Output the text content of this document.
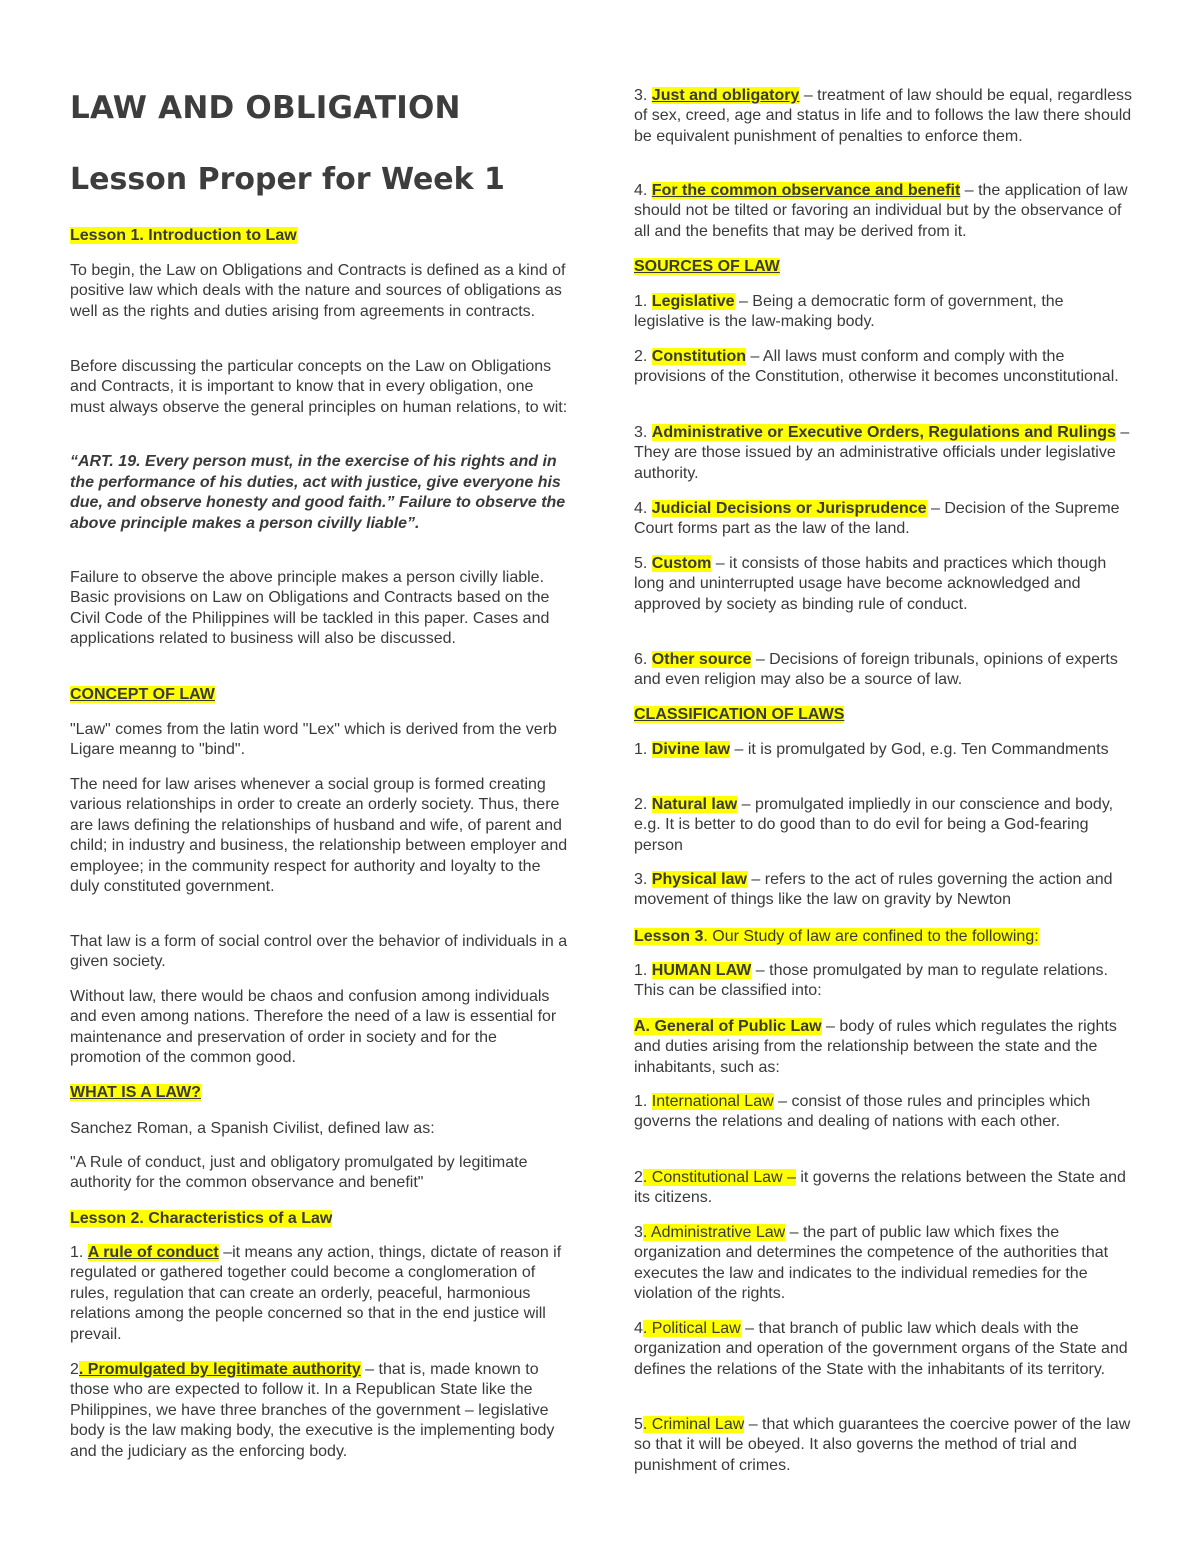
LAW AND OBLIGATION
Lesson Proper for Week 1

Lesson 1. Introduction to Law

To begin, the Law on Obligations and Contracts is defined as a kind of positive law which deals with the nature and sources of obligations as well as the rights and duties arising from agreements in contracts.

Before discussing the particular concepts on the Law on Obligations and Contracts, it is important to know that in every obligation, one must always observe the general principles on human relations, to wit:

“ART. 19. Every person must, in the exercise of his rights and in the performance of his duties, act with justice, give everyone his due, and observe honesty and good faith.” Failure to observe the above principle makes a person civilly liable”.

Failure to observe the above principle makes a person civilly liable. Basic provisions on Law on Obligations and Contracts based on the Civil Code of the Philippines will be tackled in this paper. Cases and applications related to business will also be discussed.

CONCEPT OF LAW

"Law" comes from the latin word "Lex" which is derived from the verb Ligare meanng to "bind".

The need for law arises whenever a social group is formed creating various relationships in order to create an orderly society. Thus, there are laws defining the relationships of husband and wife, of parent and child; in industry and business, the relationship between employer and employee; in the community respect for authority and loyalty to the duly constituted government.

That law is a form of social control over the behavior of individuals in a given society.

Without law, there would be chaos and confusion among individuals and even among nations. Therefore the need of a law is essential for maintenance and preservation of order in society and for the promotion of the common good.

WHAT IS A LAW?

Sanchez Roman, a Spanish Civilist, defined law as:

"A Rule of conduct, just and obligatory promulgated by legitimate authority for the common observance and benefit"

Lesson 2. Characteristics of a Law

1. A rule of conduct –it means any action, things, dictate of reason if regulated or gathered together could become a conglomeration of rules, regulation that can create an orderly, peaceful, harmonious relations among the people concerned so that in the end justice will prevail.

2. Promulgated by legitimate authority – that is, made known to those who are expected to follow it. In a Republican State like the Philippines, we have three branches of the government – legislative body is the law making body, the executive is the implementing body and the judiciary as the enforcing body.

3. Just and obligatory – treatment of law should be equal, regardless of sex, creed, age and status in life and to follows the law there should be equivalent punishment of penalties to enforce them.

4. For the common observance and benefit – the application of law should not be tilted or favoring an individual but by the observance of all and the benefits that may be derived from it.

SOURCES OF LAW

1. Legislative – Being a democratic form of government, the legislative is the law-making body.

2. Constitution – All laws must conform and comply with the provisions of the Constitution, otherwise it becomes unconstitutional.

3. Administrative or Executive Orders, Regulations and Rulings – They are those issued by an administrative officials under legislative authority.

4. Judicial Decisions or Jurisprudence – Decision of the Supreme Court forms part as the law of the land.

5. Custom – it consists of those habits and practices which though long and uninterrupted usage have become acknowledged and approved by society as binding rule of conduct.

6. Other source – Decisions of foreign tribunals, opinions of experts and even religion may also be a source of law.

CLASSIFICATION OF LAWS

1. Divine law – it is promulgated by God, e.g. Ten Commandments

2. Natural law – promulgated impliedly in our conscience and body, e.g. It is better to do good than to do evil for being a God-fearing person

3. Physical law – refers to the act of rules governing the action and movement of things like the law on gravity by Newton

Lesson 3. Our Study of law are confined to the following:

1. HUMAN LAW – those promulgated by man to regulate relations. This can be classified into:

A. General of Public Law – body of rules which regulates the rights and duties arising from the relationship between the state and the inhabitants, such as:

1. International Law – consist of those rules and principles which governs the relations and dealing of nations with each other.

2. Constitutional Law – it governs the relations between the State and its citizens.

3. Administrative Law – the part of public law which fixes the organization and determines the competence of the authorities that executes the law and indicates to the individual remedies for the violation of the rights.

4. Political Law – that branch of public law which deals with the organization and operation of the government organs of the State and defines the relations of the State with the inhabitants of its territory.

5. Criminal Law – that which guarantees the coercive power of the law so that it will be obeyed. It also governs the method of trial and punishment of crimes.
